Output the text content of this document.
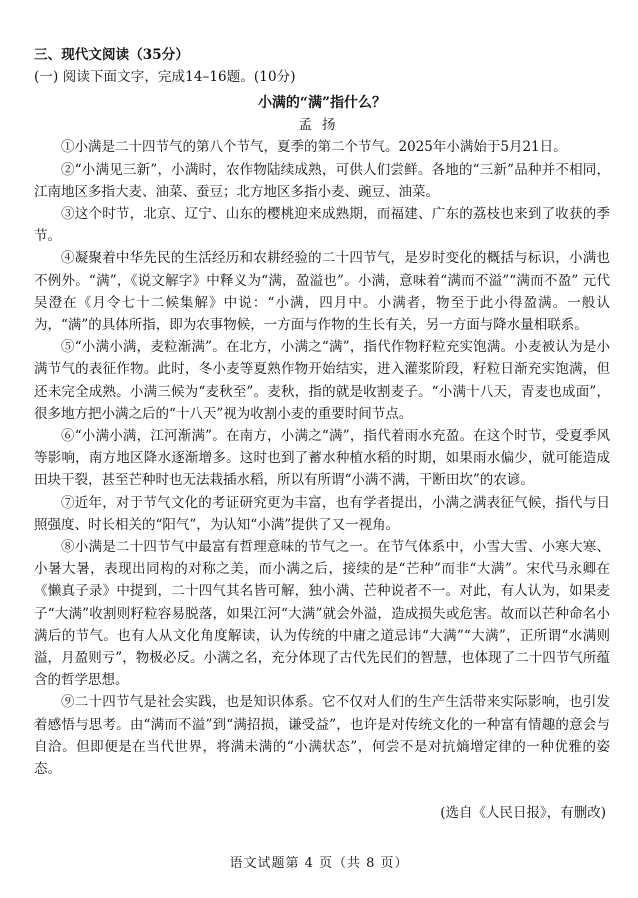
三、现代文阅读（35分）
(一) 阅读下面文字，完成14–16题。(10分)
小满的“满”指什么？
孟扬

①小满是二十四节气的第八个节气，夏季的第二个节气。2025年小满始于5月21日。

②“小满见三新”，小满时，农作物陆续成熟，可供人们尝鲜。各地的“三新”品种并不相同，江南地区多指大麦、油菜、蚕豆；北方地区多指小麦、豌豆、油菜。

③这个时节，北京、辽宁、山东的樱桃迎来成熟期，而福建、广东的荔枝也来到了收获的季节。

④凝聚着中华先民的生活经历和农耕经验的二十四节气，是岁时变化的概括与标识，小满也不例外。“满”，《说文解字》中释义为“满，盈溢也”。小满，意味着“满而不溢”“满而不盈” 元代吴澄在《月令七十二候集解》中说：“小满，四月中。小满者，物至于此小得盈满。一般认为，“满”的具体所指，即为农事物候，一方面与作物的生长有关，另一方面与降水量相联系。

⑤“小满小满，麦粒渐满”。在北方，小满之“满”，指代作物籽粒充实饱满。小麦被认为是小满节气的表征作物。此时，冬小麦等夏熟作物开始结实，进入灌浆阶段，籽粒日渐充实饱满，但还未完全成熟。小满三候为“麦秋至”。麦秋，指的就是收割麦子。“小满十八天，青麦也成面”，很多地方把小满之后的“十八天”视为收割小麦的重要时间节点。

⑥“小满小满，江河渐满”。在南方，小满之“满”，指代着雨水充盈。在这个时节，受夏季风等影响，南方地区降水逐渐增多。这时也到了蓄水种植水稻的时期，如果雨水偏少，就可能造成田块干裂，甚至芒种时也无法栽插水稻，所以有所谓“小满不满，干断田坎”的农谚。

⑦近年，对于节气文化的考证研究更为丰富，也有学者提出，小满之满表征气候，指代与日照强度、时长相关的“阳气”，为认知“小满”提供了又一视角。

⑧小满是二十四节气中最富有哲理意味的节气之一。在节气体系中，小雪大雪、小寒大寒、小暑大暑，表现出同构的对称之美，而小满之后，接续的是“芒种”而非“大满”。宋代马永卿在《懒真子录》中提到，二十四气其名皆可解，独小满、芒种说者不一。对此，有人认为，如果麦子“大满”收割则籽粒容易脱落，如果江河“大满”就会外溢，造成损失或危害。故而以芒种命名小满后的节气。也有人从文化角度解读，认为传统的中庸之道忌讳“大满”“大满”，正所谓“水满则溢，月盈则亏”，物极必反。小满之名，充分体现了古代先民们的智慧，也体现了二十四节气所蕴含的哲学思想。

⑨二十四节气是社会实践，也是知识体系。它不仅对人们的生产生活带来实际影响，也引发着感悟与思考。由“满而不溢”到“满招损，谦受益”，也许是对传统文化的一种富有情趣的意会与自洽。但即便是在当代世界，将满未满的“小满状态”，何尝不是对抗熵增定律的一种优雅的姿态。

(选自《人民日报》，有删改)
语文试题第 4 页（共 8 页）
